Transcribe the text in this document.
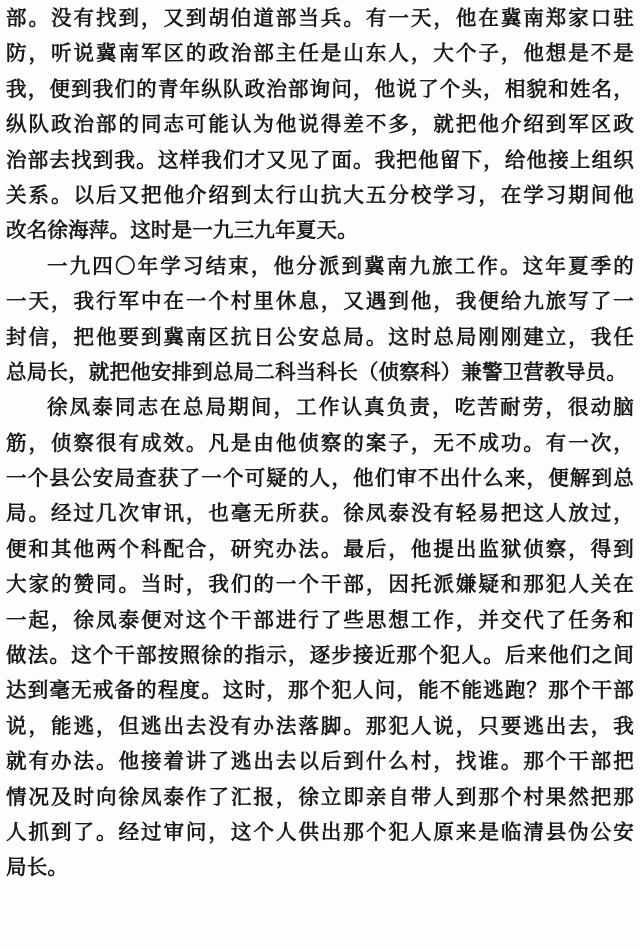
部。没有找到，又到胡伯道部当兵。有一天，他在冀南郑家口驻
防，听说冀南军区的政治部主任是山东人，大个子，他想是不是
我，便到我们的青年纵队政治部询问，他说了个头，相貌和姓名，
纵队政治部的同志可能认为他说得差不多，就把他介绍到军区政
治部去找到我。这样我们才又见了面。我把他留下，给他接上组织
关系。以后又把他介绍到太行山抗大五分校学习，在学习期间他
改名徐海萍。这时是一九三九年夏天。
一九四〇年学习结束，他分派到冀南九旅工作。这年夏季的
一天，我行军中在一个村里休息，又遇到他，我便给九旅写了一
封信，把他要到冀南区抗日公安总局。这时总局刚刚建立，我任
总局长，就把他安排到总局二科当科长（侦察科）兼警卫营教导员。
徐凤泰同志在总局期间，工作认真负责，吃苦耐劳，很动脑
筋，侦察很有成效。凡是由他侦察的案子，无不成功。有一次，
一个县公安局查获了一个可疑的人，他们审不出什么来，便解到总
局。经过几次审讯，也毫无所获。徐凤泰没有轻易把这人放过，
便和其他两个科配合，研究办法。最后，他提出监狱侦察，得到
大家的赞同。当时，我们的一个干部，因托派嫌疑和那犯人关在
一起，徐凤泰便对这个干部进行了些思想工作，并交代了任务和
做法。这个干部按照徐的指示，逐步接近那个犯人。后来他们之间
达到毫无戒备的程度。这时，那个犯人问，能不能逃跑？那个干部
说，能逃，但逃出去没有办法落脚。那犯人说，只要逃出去，我
就有办法。他接着讲了逃出去以后到什么村，找谁。那个干部把
情况及时向徐凤泰作了汇报，徐立即亲自带人到那个村果然把那
人抓到了。经过审问，这个人供出那个犯人原来是临清县伪公安
局长。
